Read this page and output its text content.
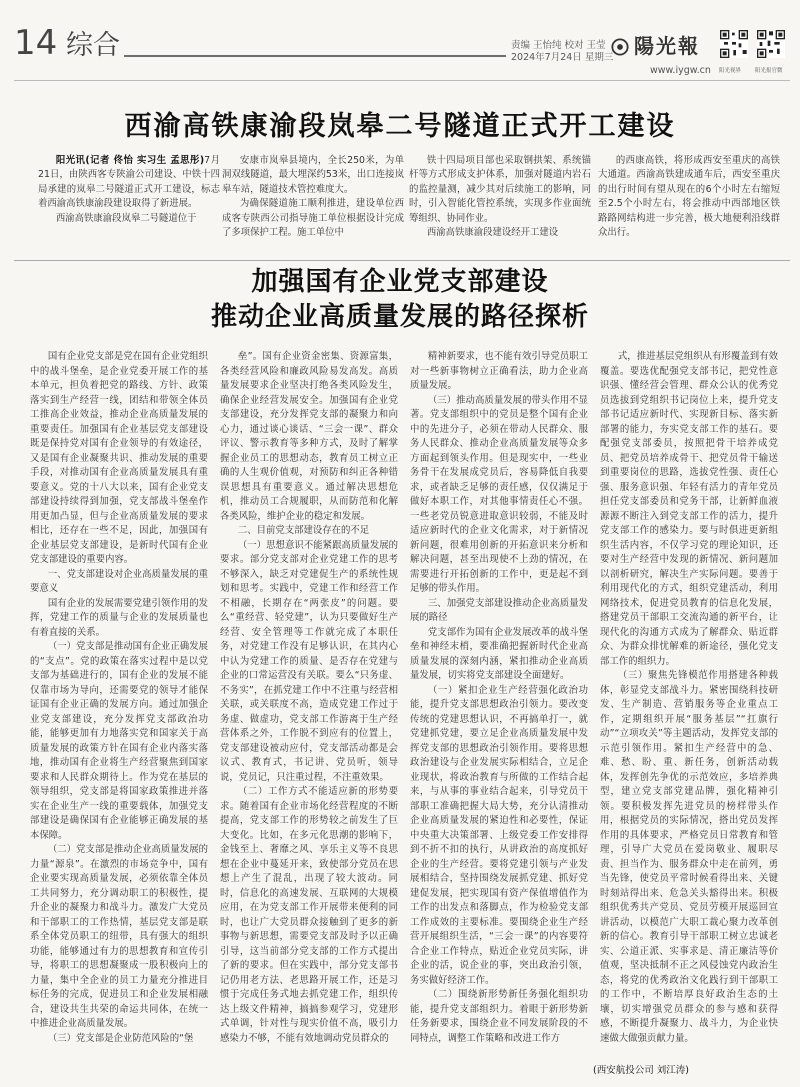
14 综合	责编 王怡纯 校对 王莹
2024年7月24日 星期三 陽光報
www.iygw.cn 阳光视界	阳光报官微
西渝高铁康渝段岚皋二号隧道正式开工建设

阳光讯(记者 佟怡 实习生 孟思彤)7月21日，由陕西客专陕渝公司建设、中铁十四局承建的岚皋二号隧道正式开工建设，标志着西渝高铁康渝段建设取得了新进展。

西渝高铁康渝段岚皋二号隧道位于

安康市岚皋县境内，全长250米，为单洞双线隧道，最大埋深约53米，出口连接岚皋车站，隧道技术管控难度大。

为确保隧道施工顺利推进，建设单位西成客专陕西公司指导施工单位根据设计完成了多项保护工程。施工单位中

铁十四局项目部也采取钢拱架、系统锚杆等方式形成支护体系，加强对隧道内岩石的监控量测，减少其对后续施工的影响，同时，引入智能化管控系统，实现多作业面统筹组织、协同作业。

西渝高铁康渝段建设经开工建设

的西康高铁，将形成西安至重庆的高铁大通道。西渝高铁建成通车后，西安至重庆的出行时间有望从现在的6个小时左右缩短至2.5个小时左右，将会推动中西部地区铁路路网结构进一步完善，极大地便利沿线群众出行。

加强国有企业党支部建设
推动企业高质量发展的路径探析

国有企业党支部是党在国有企业党组织中的战斗堡垒，是企业党委开展工作的基本单元，担负着把党的路线、方针、政策落实到生产经营一线，团结和带领全体员工推高企业效益，推动企业高质量发展的重要责任。加强国有企业基层党支部建设既是保持党对国有企业领导的有效途径，又是国有企业凝聚共识、推动发展的重要手段，对推动国有企业高质量发展具有重要意义。党的十八大以来，国有企业党支部建设持续得到加强，党支部战斗堡垒作用更加凸显，但与企业高质量发展的要求相比，还存在一些不足，因此，加强国有企业基层党支部建设，是新时代国有企业党支部建设的重要内容。

一、党支部建设对企业高质量发展的重要意义

国有企业的发展需要党建引领作用的发挥，党建工作的质量与企业的发展质量也有着直接的关系。

（一）党支部是推动国有企业正确发展的“支点”。党的政策在落实过程中是以党支部为基础进行的，国有企业的发展不能仅靠市场为导向，还需要党的领导才能保证国有企业正确的发展方向。通过加强企业党支部建设，充分发挥党支部政治功能，能够更加有力地落实党和国家关于高质量发展的政策方针在国有企业内落实落地，推动国有企业将生产经营聚焦到国家要求和人民群众期待上。作为党在基层的领导组织，党支部是将国家政策推进并落实在企业生产一线的重要载体，加强党支部建设是确保国有企业能够正确发展的基本保障。

（二）党支部是推动企业高质量发展的力量“源泉”。在激烈的市场竞争中，国有企业要实现高质量发展，必须依靠全体员工共同努力，充分调动职工的积极性，提升企业的凝聚力和战斗力。激发广大党员和干部职工的工作热情，基层党支部是联系全体党员职工的纽带，具有强大的组织功能，能够通过有力的思想教育和宣传引导，将职工的思想凝聚成一股积极向上的力量，集中全企业的员工力量充分推进目标任务的完成，促进员工和企业发展相融合，建设共生共荣的命运共同体，在统一中推进企业高质量发展。

（三）党支部是企业防范风险的“堡

垒”。国有企业资金密集、资源富集，各类经营风险和廉政风险易发高发。高质量发展要求企业坚决打绝各类风险发生，确保企业经营发展安全。加强国有企业党支部建设，充分发挥党支部的凝聚力和向心力，通过谈心谈话、“三会一课”、群众评议、警示教育等多种方式，及时了解掌握企业员工的思想动态，教育员工树立正确的人生观价值观，对预防和纠正各种错误思想具有重要意义。通过解决思想危机，推动员工合规履职，从而防范和化解各类风险，维护企业的稳定和发展。

二、目前党支部建设存在的不足

（一）思想意识不能紧跟高质量发展的要求。部分党支部对企业党建工作的思考不够深入，缺乏对党建促生产的系统性规划和思考。实践中，党建工作和经营工作不相融，长期存在“两张皮”的问题。要么“重经营、轻党建”，认为只要做好生产经营、安全管理等工作就完成了本职任务，对党建工作没有足够认识，在其内心中认为党建工作的质量、是否存在党建与企业的口常运营没有关联。要么“只务虚、不务实”，在抓党建工作中不注重与经营相关联，或关联度不高，造成党建工作过于务虚、做虚功，党支部工作游离于生产经营体系之外，工作脱不到应有的位置上，党支部建设被动应付，党支部活动都是会议式、教育式，书记讲、党员听，领导说，党员记，只注重过程，不注重效果。

（二）工作方式不能适应新的形势要求。随着国有企业市场化经营程度的不断提高，党支部工作的形势较之前发生了巨大变化。比如，在多元化思潮的影响下，金钱至上、奢靡之风、享乐主义等不良思想在企业中蔓延开来，致使部分党员在思想上产生了混乱，出现了较大波动。同时，信息化的高速发展、互联网的大规模应用，在为党支部工作开展带来便利的同时，也让广大党员群众接触到了更多的新事物与新思想，需要党支部及时予以正确引导，这当前部分党支部的工作方式提出了新的要求。但在实践中，部分党支部书记仍用老方法、老思路开展工作，还是习惯于完成任务式地去抓党建工作，组织传达上级文件精神，搞搞参观学习，党建形式单调，针对性与现实价值不高，吸引力感染力不够，不能有效地调动党员群众的

精神新要求，也不能有效引导党员职工对一些新事物树立正确看法，助力企业高质量发展。

（三）推动高质量发展的带头作用不显著。党支部组织中的党员是整个国有企业中的先进分子，必须在带动人民群众、服务人民群众、推动企业高质量发展等众多方面起到领头作用。但是现实中，一些业务骨干在发展成党员后，容易降低自我要求，或者缺乏足够的责任感，仅仅满足于做好本职工作，对其他事情责任心不强。一些老党员锐意进取意识较弱，不能及时适应新时代的企业文化需求，对于新情况新问题，很难用创新的开拓意识来分析和解决问题，甚至出现使不上劲的情况，在需要进行开拓创新的工作中，更是起不到足够的带头作用。

三、加强党支部建设推动企业高质量发展的路径

党支部作为国有企业发展改革的战斗堡垒和神经末梢，要准确把握新时代企业高质量发展的深刻内涵，紧扣推动企业高质量发展，切实将党支部建设全面建好。

（一）紧扣企业生产经营强化政治功能，提升党支部思想政治引领力。要改变传统的党建思想认识，不再搞单打一，就党建抓党建，要立足企业高质量发展中发挥党支部的思想政治引领作用。要将思想政治建设与企业发展实际相结合，立足企业现状，将政治教育与所做的工作结合起来，与从事的事业结合起来，引导党员干部职工准确把握大局大势，充分认清推动企业高质量发展的紧迫性和必要性，保证中央重大决策部署、上级党委工作安排得到不折不扣的执行，从讲政治的高度抓好企业的生产经营。要将党建引领与产业发展相结合，坚持围绕发展抓党建、抓好党建促发展，把实现国有资产保值增值作为工作的出发点和落脚点，作为检验党支部工作成效的主要标准。要围绕企业生产经营开展组织生活，“三会一课”的内容要符合企业工作特点，贴近企业党员实际，讲企业的活，说企业的事，突出政治引领，务实做好经济工作。

（二）围绕新形势新任务强化组织功能，提升党支部组织力。着眼于新形势新任务新要求，围绕企业不同发展阶段的不同特点，调整工作策略和改进工作方

式，推进基层党组织从有形覆盖到有效覆盖。要选优配强党支部书记，把党性意识强、懂经营会管理、群众公认的优秀党员选拔到党组织书记岗位上来，提升党支部书记适应新时代、实现新目标、落实新部署的能力，夯实党支部工作的基石。要配强党支部委员，按照把骨干培养成党员、把党员培养成骨干、把党员骨干输送到重要岗位的思路，选拔党性强、责任心强、服务意识强、年轻有活力的青年党员担任党支部委员和党务干部，让新鲜血液源源不断注入到党支部工作的活力，提升党支部工作的感染力。要与时俱进更新组织生活内容，不仅学习党的理论知识，还要对生产经营中发现的新情况、新问题加以剖析研究，解决生产实际问题。要善于利用现代化的方式，组织党建活动，利用网络技术，促进党员教育的信息化发展，搭建党员干部职工交流沟通的新平台，让现代化的沟通方式成为了解群众、贴近群众、为群众排忧解难的新途径，强化党支部工作的组织力。

（三）聚焦先锋模范作用搭建各种载体，彰显党支部战斗力。紧密围绕科技研发、生产制造、营销服务等企业重点工作，定期组织开展“服务基层”“扛旗行动”“立项攻关”等主题活动，发挥党支部的示范引领作用。紧扣生产经营中的急、难、愁、盼、重、新任务，创新活动载体，发挥创先争优的示范效应，多培养典型，建立党支部党建品牌，强化精神引领。要积极发挥先进党员的榜样带头作用，根据党员的实际情况，搭出党员发挥作用的具体要求，严格党员日常教育和管理，引导广大党员在爱岗敬业、履职尽责、担当作为、服务群众中走在前列，勇当先锋，使党员平常时候看得出来、关键时刻站得出来、危急关头豁得出来。积极组织优秀共产党员、党员劳模开展巡回宣讲活动，以模范广大职工裁心聚力改革创新的信心。教育引导干部职工树立忠诚老实、公道正派、实事求是、清正廉洁等价值观，坚决抵制不正之风侵蚀党内政治生态，将党的优秀政治文化践行到干部职工的工作中，不断培厚良好政治生态的土壤，切实增强党员群众的参与感和获得感，不断提升凝聚力、战斗力，为企业快速做大做强贡献力量。

(西安航投公司 刘江涛)
